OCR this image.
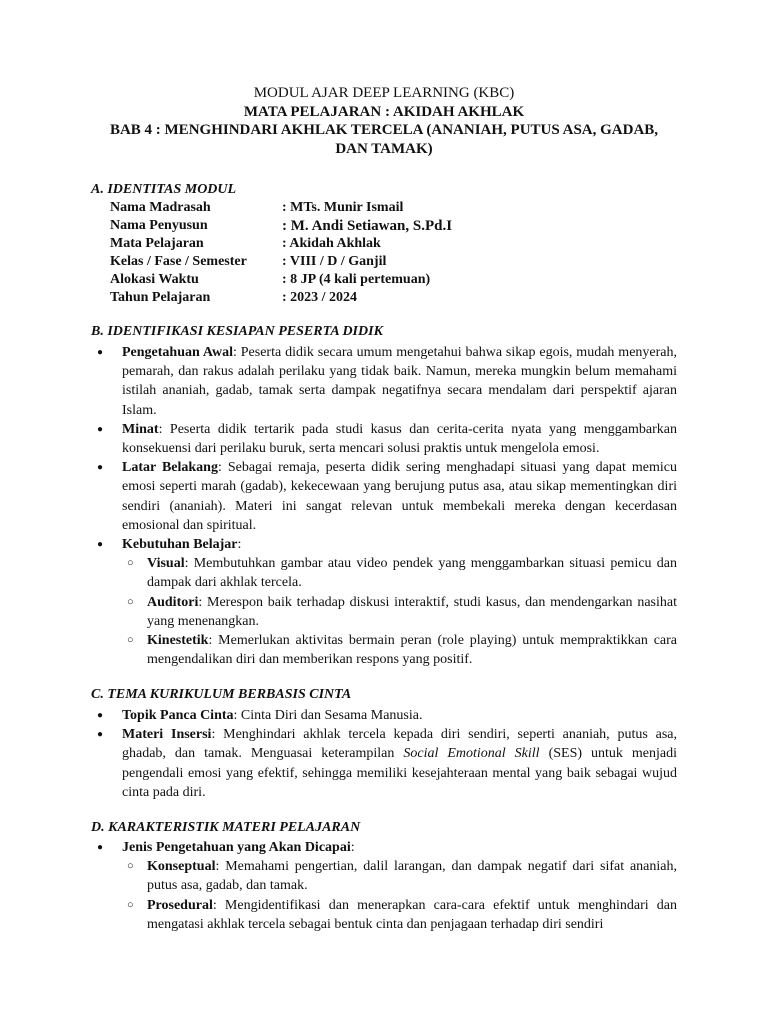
MODUL AJAR DEEP LEARNING (KBC)
MATA PELAJARAN : AKIDAH AKHLAK
BAB 4 : MENGHINDARI AKHLAK TERCELA (ANANIAH, PUTUS ASA, GADAB,
DAN TAMAK)
A. IDENTITAS MODUL
Nama Madrasah	: MTs. Munir Ismail
Nama Penyusun	: M. Andi Setiawan, S.Pd.I
Mata Pelajaran	: Akidah Akhlak
Kelas / Fase / Semester	: VIII / D / Ganjil
Alokasi Waktu	: 8 JP (4 kali pertemuan)
Tahun Pelajaran	: 2023 / 2024
B. IDENTIFIKASI KESIAPAN PESERTA DIDIK
● Pengetahuan Awal: Peserta didik secara umum mengetahui bahwa sikap egois, mudah menyerah, pemarah, dan rakus adalah perilaku yang tidak baik. Namun, mereka mungkin belum memahami istilah ananiah, gadab, tamak serta dampak negatifnya secara mendalam dari perspektif ajaran Islam.
● Minat: Peserta didik tertarik pada studi kasus dan cerita-cerita nyata yang menggambarkan konsekuensi dari perilaku buruk, serta mencari solusi praktis untuk mengelola emosi.
● Latar Belakang: Sebagai remaja, peserta didik sering menghadapi situasi yang dapat memicu emosi seperti marah (gadab), kekecewaan yang berujung putus asa, atau sikap mementingkan diri sendiri (ananiah). Materi ini sangat relevan untuk membekali mereka dengan kecerdasan emosional dan spiritual.
● Kebutuhan Belajar:
○ Visual: Membutuhkan gambar atau video pendek yang menggambarkan situasi pemicu dan dampak dari akhlak tercela.
○ Auditori: Merespon baik terhadap diskusi interaktif, studi kasus, dan mendengarkan nasihat yang menenangkan.
○ Kinestetik: Memerlukan aktivitas bermain peran (role playing) untuk mempraktikkan cara mengendalikan diri dan memberikan respons yang positif.
C. TEMA KURIKULUM BERBASIS CINTA
● Topik Panca Cinta: Cinta Diri dan Sesama Manusia.
● Materi Insersi: Menghindari akhlak tercela kepada diri sendiri, seperti ananiah, putus asa, ghadab, dan tamak. Menguasai keterampilan Social Emotional Skill (SES) untuk menjadi pengendali emosi yang efektif, sehingga memiliki kesejahteraan mental yang baik sebagai wujud cinta pada diri.
D. KARAKTERISTIK MATERI PELAJARAN
● Jenis Pengetahuan yang Akan Dicapai:
○ Konseptual: Memahami pengertian, dalil larangan, dan dampak negatif dari sifat ananiah, putus asa, gadab, dan tamak.
○ Prosedural: Mengidentifikasi dan menerapkan cara-cara efektif untuk menghindari dan mengatasi akhlak tercela sebagai bentuk cinta dan penjagaan terhadap diri sendiri
